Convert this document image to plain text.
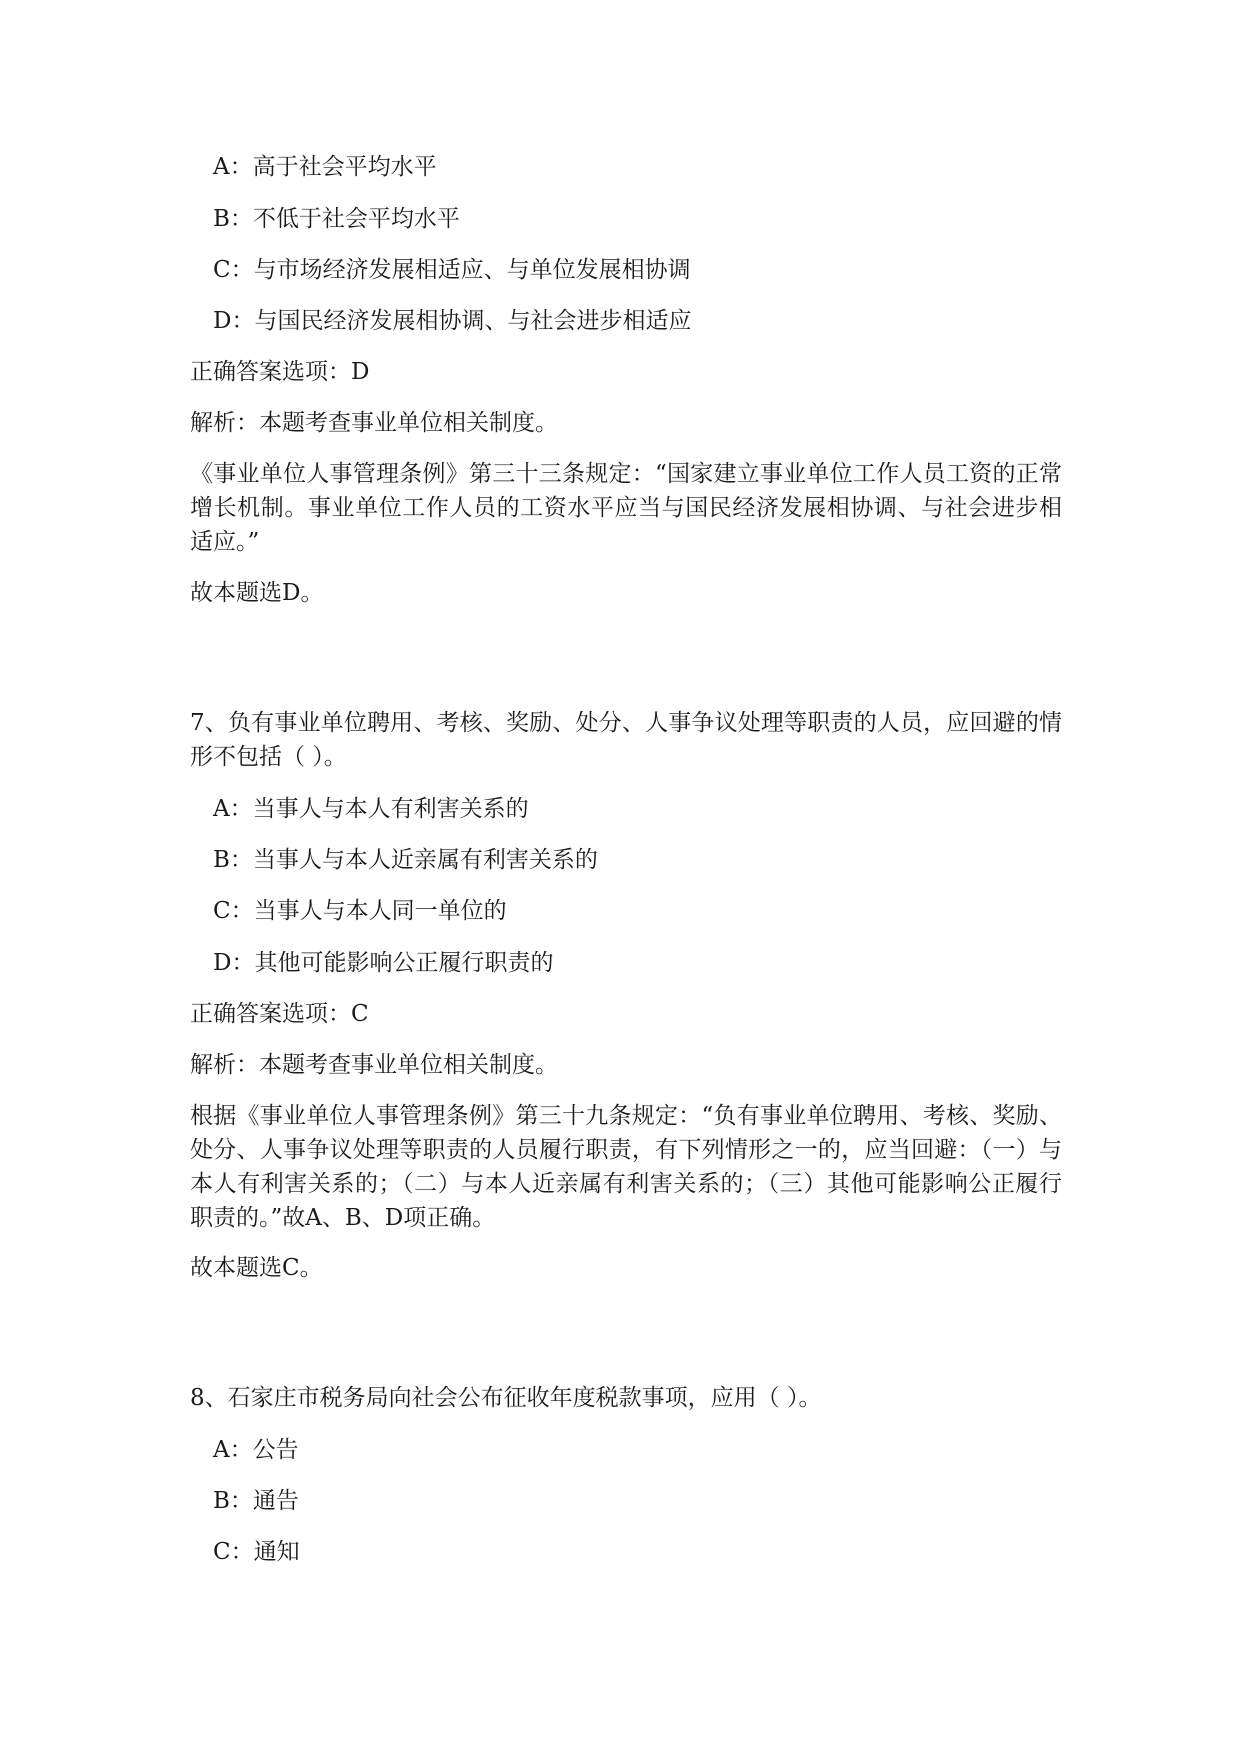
A：高于社会平均水平

B：不低于社会平均水平

C：与市场经济发展相适应、与单位发展相协调

D：与国民经济发展相协调、与社会进步相适应

正确答案选项：D

解析：本题考查事业单位相关制度。

《事业单位人事管理条例》第三十三条规定：“国家建立事业单位工作人员工资的正常增长机制。事业单位工作人员的工资水平应当与国民经济发展相协调、与社会进步相适应。”

故本题选D。

7、负有事业单位聘用、考核、奖励、处分、人事争议处理等职责的人员，应回避的情形不包括（ ）。

A：当事人与本人有利害关系的

B：当事人与本人近亲属有利害关系的

C：当事人与本人同一单位的

D：其他可能影响公正履行职责的

正确答案选项：C

解析：本题考查事业单位相关制度。

根据《事业单位人事管理条例》第三十九条规定：“负有事业单位聘用、考核、奖励、处分、人事争议处理等职责的人员履行职责，有下列情形之一的，应当回避：（一）与本人有利害关系的；（二）与本人近亲属有利害关系的；（三）其他可能影响公正履行职责的。”故A、B、D项正确。

故本题选C。

8、石家庄市税务局向社会公布征收年度税款事项，应用（ ）。

A：公告

B：通告

C：通知
